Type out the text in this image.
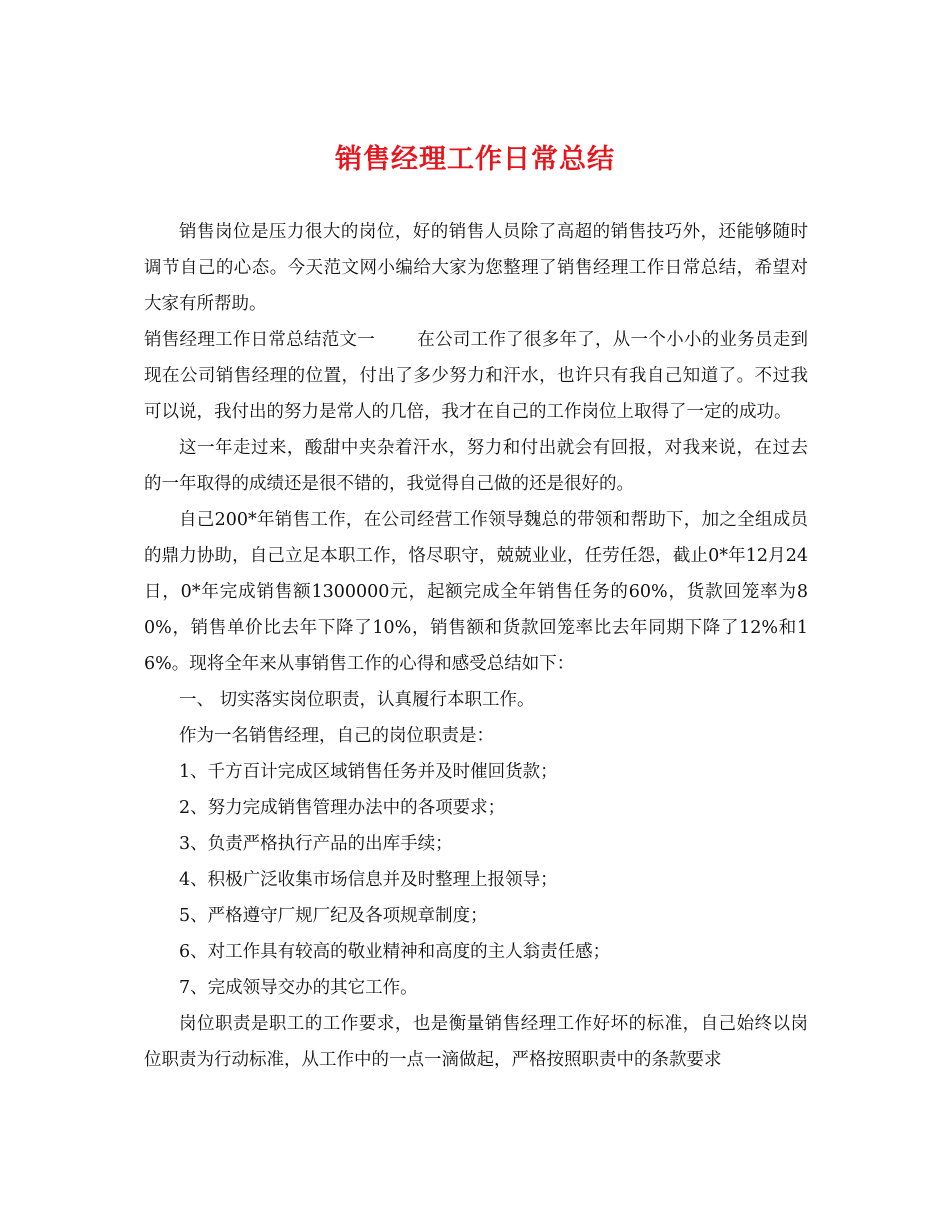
销售经理工作日常总结

销售岗位是压力很大的岗位，好的销售人员除了高超的销售技巧外，还能够随时调节自己的心态。今天范文网小编给大家为您整理了销售经理工作日常总结，希望对大家有所帮助。

销售经理工作日常总结范文一 在公司工作了很多年了，从一个小小的业务员走到现在公司销售经理的位置，付出了多少努力和汗水，也许只有我自己知道了。不过我可以说，我付出的努力是常人的几倍，我才在自己的工作岗位上取得了一定的成功。

这一年走过来，酸甜中夹杂着汗水，努力和付出就会有回报，对我来说，在过去的一年取得的成绩还是很不错的，我觉得自己做的还是很好的。

自己200*年销售工作，在公司经营工作领导魏总的带领和帮助下，加之全组成员的鼎力协助，自己立足本职工作，恪尽职守，兢兢业业，任劳任怨，截止0*年12月24日，0*年完成销售额1300000元，起额完成全年销售任务的60%，货款回笼率为80%，销售单价比去年下降了10%，销售额和货款回笼率比去年同期下降了12%和16%。现将全年来从事销售工作的心得和感受总结如下：

一、 切实落实岗位职责，认真履行本职工作。

作为一名销售经理，自己的岗位职责是：

1、千方百计完成区域销售任务并及时催回货款；

2、努力完成销售管理办法中的各项要求；

3、负责严格执行产品的出库手续；

4、积极广泛收集市场信息并及时整理上报领导；

5、严格遵守厂规厂纪及各项规章制度；

6、对工作具有较高的敬业精神和高度的主人翁责任感；

7、完成领导交办的其它工作。

岗位职责是职工的工作要求，也是衡量销售经理工作好坏的标准，自己始终以岗位职责为行动标准，从工作中的一点一滴做起，严格按照职责中的条款要求
